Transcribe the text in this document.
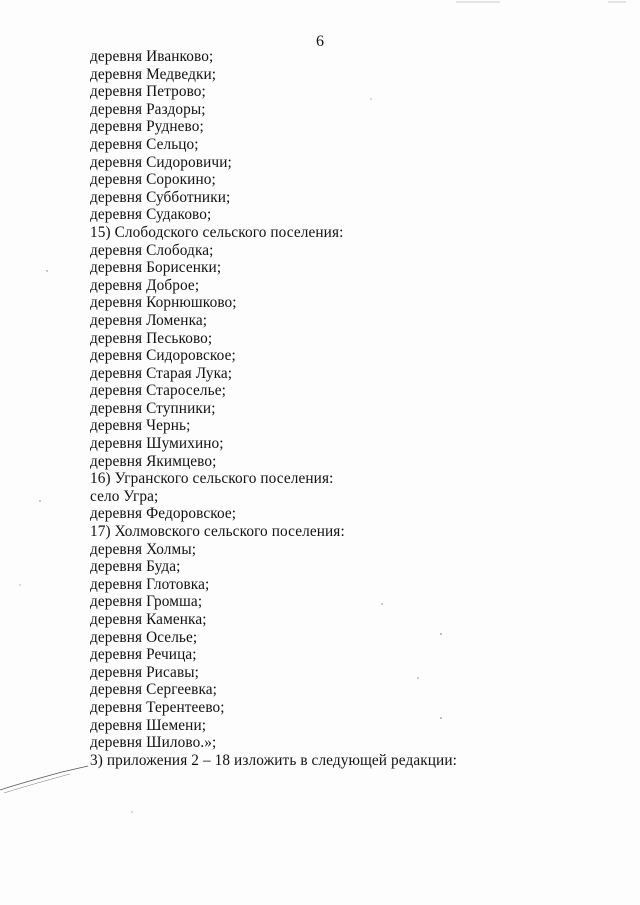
6
деревня Иванково;
деревня Медведки;
деревня Петрово;
деревня Раздоры;
деревня Руднево;
деревня Сельцо;
деревня Сидоровичи;
деревня Сорокино;
деревня Субботники;
деревня Судаково;
15) Слободского сельского поселения:
деревня Слободка;
деревня Борисенки;
деревня Доброе;
деревня Корнюшково;
деревня Ломенка;
деревня Песьково;
деревня Сидоровское;
деревня Старая Лука;
деревня Староселье;
деревня Ступники;
деревня Чернь;
деревня Шумихино;
деревня Якимцево;
16) Угранского сельского поселения:
село Угра;
деревня Федоровское;
17) Холмовского сельского поселения:
деревня Холмы;
деревня Буда;
деревня Глотовка;
деревня Громша;
деревня Каменка;
деревня Оселье;
деревня Речица;
деревня Рисавы;
деревня Сергеевка;
деревня Терентеево;
деревня Шемени;
деревня Шилово.»;
3) приложения 2 – 18 изложить в следующей редакции:
